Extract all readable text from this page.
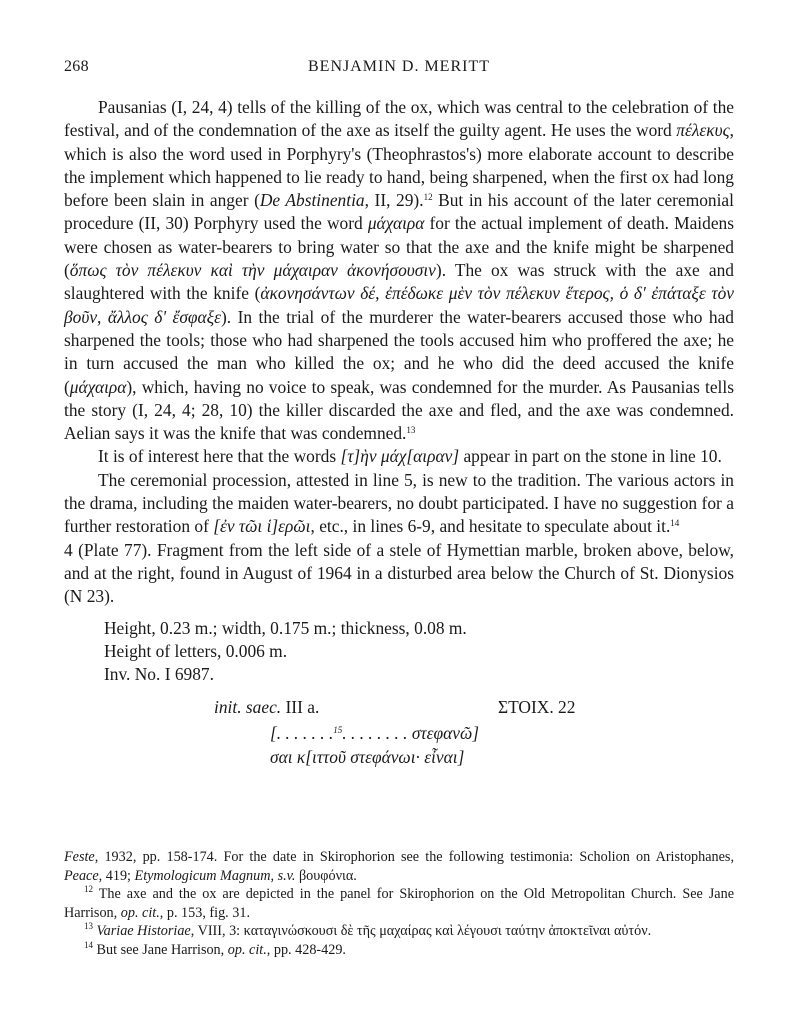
268	BENJAMIN D. MERITT

Pausanias (I, 24, 4) tells of the killing of the ox, which was central to the celebration of the festival, and of the condemnation of the axe as itself the guilty agent. He uses the word πέλεκυς, which is also the word used in Porphyry's (Theophrastos's) more elaborate account to describe the implement which happened to lie ready to hand, being sharpened, when the first ox had long before been slain in anger (De Abstinentia, II, 29).$^{12}$ But in his account of the later ceremonial procedure (II, 30) Porphyry used the word μάχαιρα for the actual implement of death. Maidens were chosen as water-bearers to bring water so that the axe and the knife might be sharpened (ὅπως τὸν πέλεκυν καὶ τὴν μάχαιραν ἀκονήσουσιν). The ox was struck with the axe and slaughtered with the knife (ἀκονησάντων δέ, ἐπέδωκε μὲν τὸν πέλεκυν ἕτερος, ὁ δ' ἐπάταξε τὸν βοῦν, ἄλλος δ' ἔσφαξε). In the trial of the murderer the water-bearers accused those who had sharpened the tools; those who had sharpened the tools accused him who proffered the axe; he in turn accused the man who killed the ox; and he who did the deed accused the knife (μάχαιρα), which, having no voice to speak, was condemned for the murder. As Pausanias tells the story (I, 24, 4; 28, 10) the killer discarded the axe and fled, and the axe was condemned. Aelian says it was the knife that was condemned.$^{13}$

It is of interest here that the words [τ]ὴν μάχ[αιραν] appear in part on the stone in line 10.

The ceremonial procession, attested in line 5, is new to the tradition. The various actors in the drama, including the maiden water-bearers, no doubt participated. I have no suggestion for a further restoration of [ἐν τῶι ἱ]ερῶι, etc., in lines 6-9, and hesitate to speculate about it.$^{14}$

4 (Plate 77). Fragment from the left side of a stele of Hymettian marble, broken above, below, and at the right, found in August of 1964 in a disturbed area below the Church of St. Dionysios (N 23).

Height, 0.23 m.; width, 0.175 m.; thickness, 0.08 m.
Height of letters, 0.006 m.
Inv. No. I 6987.
init. saec. III a.	ΣΤΟΙΧ. 22
[. . . . . . .$^{15}$. . . . . . . . στεφανῶ]
σαι κ[ιττοῦ στεφάνωι· εἶναι]

Feste, 1932, pp. 158-174. For the date in Skirophorion see the following testimonia: Scholion on Aristophanes, Peace, 419; Etymologicum Magnum, s.v. βουφόνια.

$^{12}$ The axe and the ox are depicted in the panel for Skirophorion on the Old Metropolitan Church. See Jane Harrison, op. cit., p. 153, fig. 31.

$^{13}$ Variae Historiae, VIII, 3: καταγινώσκουσι δὲ τῆς μαχαίρας καὶ λέγουσι ταύτην ἀποκτεῖναι αὐτόν.

$^{14}$ But see Jane Harrison, op. cit., pp. 428-429.
